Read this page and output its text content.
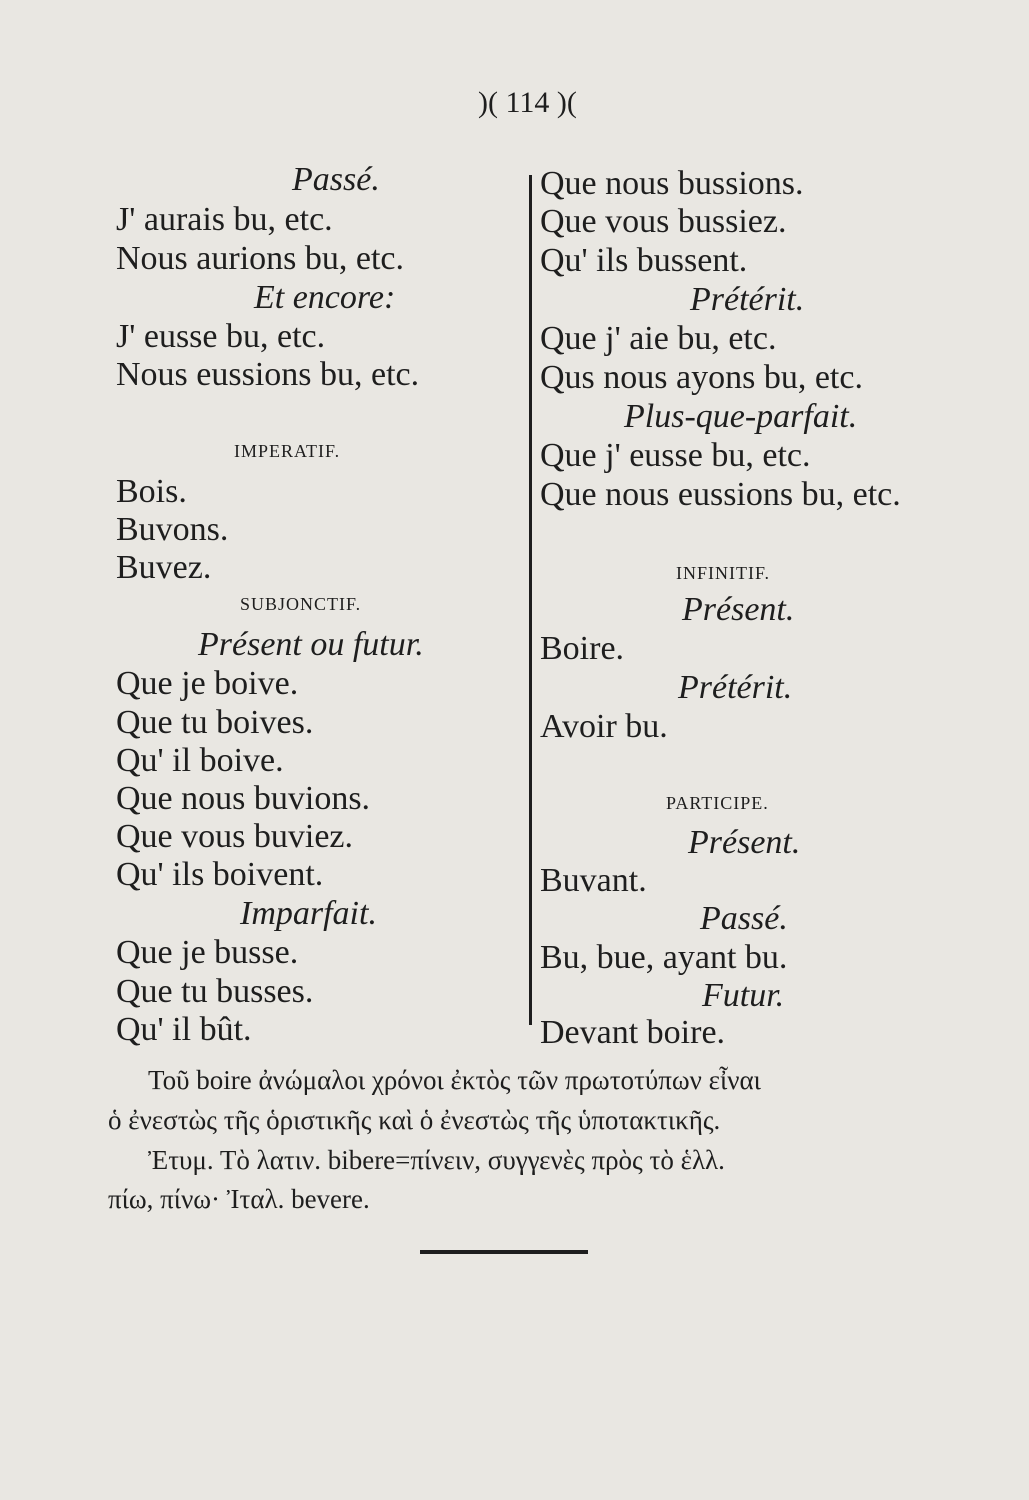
)( 114 )(
Passé.
J' aurais bu, etc.
Nous aurions bu, etc.
Et encore:
J' eusse bu, etc.
Nous eussions bu, etc.
IMPERATIF.
Bois.
Buvons.
Buvez.
SUBJONCTIF.
Présent ou futur.
Que je boive.
Que tu boives.
Qu' il boive.
Que nous buvions.
Que vous buviez.
Qu' ils boivent.
Imparfait.
Que je busse.
Que tu busses.
Qu' il bût.
Que nous bussions.
Que vous bussiez.
Qu' ils bussent.
Prétérit.
Que j' aie bu, etc.
Qus nous ayons bu, etc.
Plus-que-parfait.
Que j' eusse bu, etc.
Que nous eussions bu, etc.
INFINITIF.
Présent.
Boire.
Prétérit.
Avoir bu.
PARTICIPE.
Présent.
Buvant.
Passé.
Bu, bue, ayant bu.
Futur.
Devant boire.
Τοῦ boire ἀνώμαλοι χρόνοι ἐκτὸς τῶν πρωτοτύπων εἶναι
ὁ ἐνεστὼς τῆς ὁριστικῆς καὶ ὁ ἐνεστὼς τῆς ὑποτακτικῆς.
Ἐτυμ. Τὸ λατιν. bibere=πίνειν, συγγενὲς πρὸς τὸ ἑλλ.
πίω, πίνω· Ἰταλ. bevere.
